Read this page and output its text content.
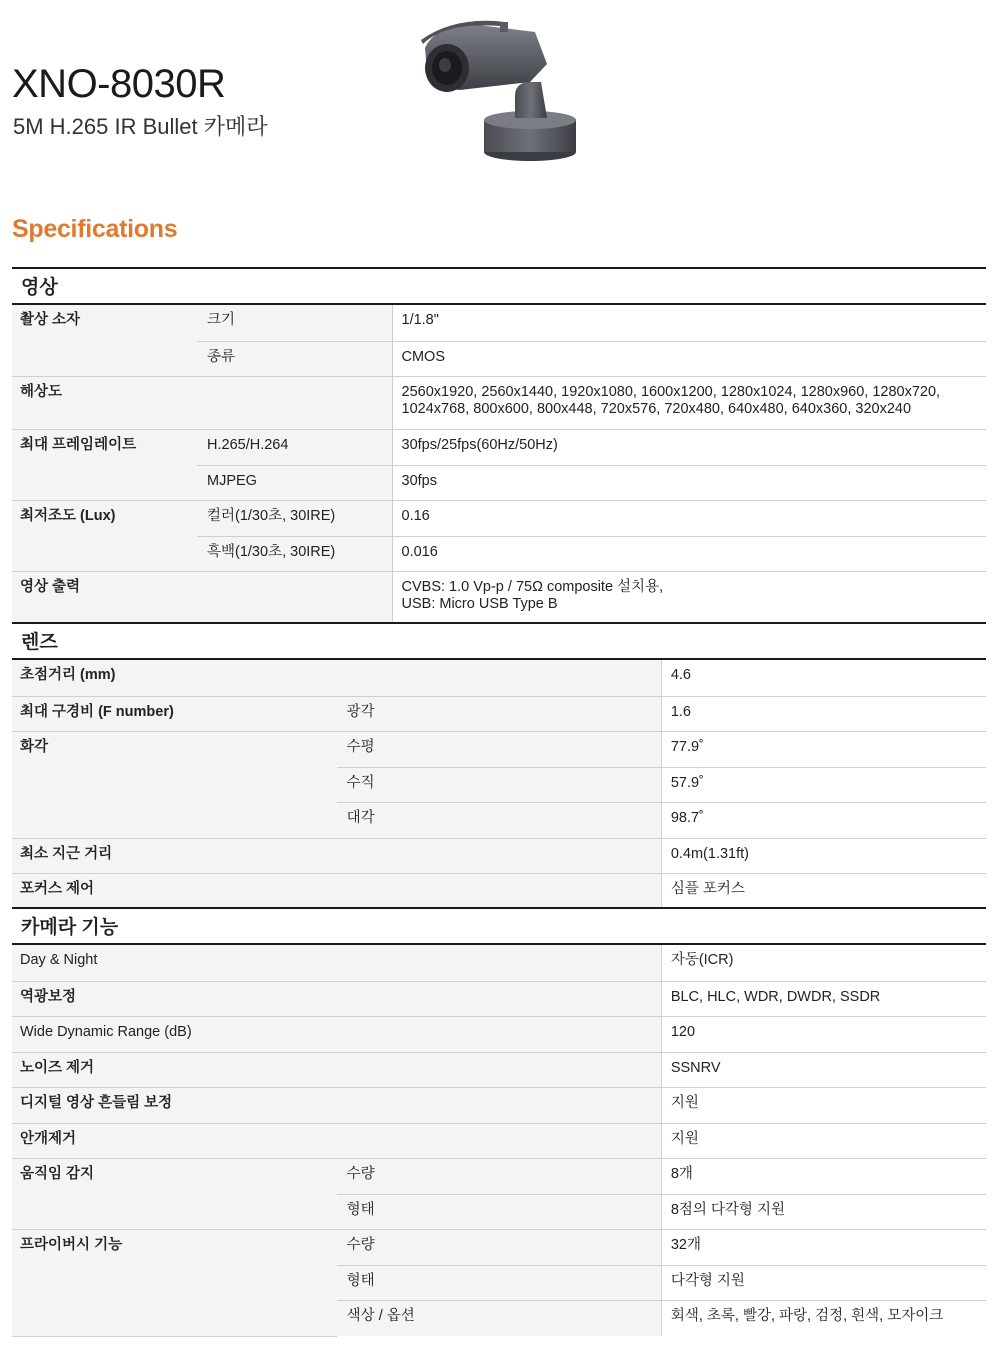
XNO-8030R

5M H.265 IR Bullet 카메라

Specifications
영상
촬상 소자	크기	1/1.8"
	종류	CMOS
해상도		2560x1920, 2560x1440, 1920x1080, 1600x1200, 1280x1024, 1280x960, 1280x720,
1024x768, 800x600, 800x448, 720x576, 720x480, 640x480, 640x360, 320x240

최대 프레임레이트	H.265/H.264	30fps/25fps(60Hz/50Hz)
	MJPEG	30fps
최저조도 (Lux)	컬러(1/30초, 30IRE)	0.16
	흑백(1/30초, 30IRE)	0.016
영상 출력		CVBS: 1.0 Vp-p / 75Ω composite 설치용,
USB: Micro USB Type B
렌즈
초점거리 (mm)		4.6
최대 구경비 (F number)	광각	1.6
화각	수평	77.9˚
	수직	57.9˚
	대각	98.7˚
최소 지근 거리		0.4m(1.31ft)
포커스 제어		심플 포커스
카메라 기능
Day & Night		자동(ICR)
역광보정		BLC, HLC, WDR, DWDR, SSDR
Wide Dynamic Range (dB)		120
노이즈 제거		SSNRV
디지털 영상 흔들림 보정		지원
안개제거		지원
움직임 감지	수량	8개
	형태	8점의 다각형 지원
프라이버시 기능	수량	32개
	형태	다각형 지원
	색상 / 옵션	회색, 초록, 빨강, 파랑, 검정, 흰색, 모자이크
